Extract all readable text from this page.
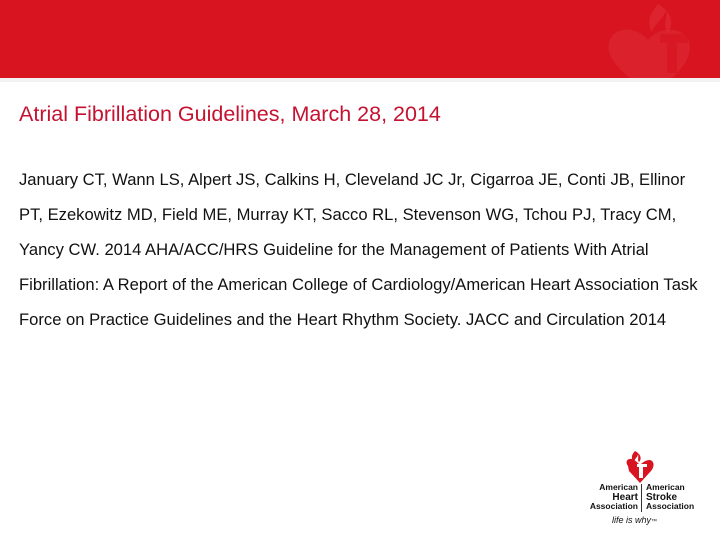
Atrial Fibrillation Guidelines, March 28, 2014

January CT, Wann LS, Alpert JS, Calkins H, Cleveland JC Jr, Cigarroa JE, Conti JB, Ellinor PT, Ezekowitz MD, Field ME, Murray KT, Sacco RL, Stevenson WG, Tchou PJ, Tracy CM, Yancy CW. 2014 AHA/ACC/HRS Guideline for the Management of Patients With Atrial Fibrillation: A Report of the American College of Cardiology/American Heart Association Task Force on Practice Guidelines and the Heart Rhythm Society. JACC and Circulation 2014

American
Heart
Association
American
Stroke
Association
life is why™
